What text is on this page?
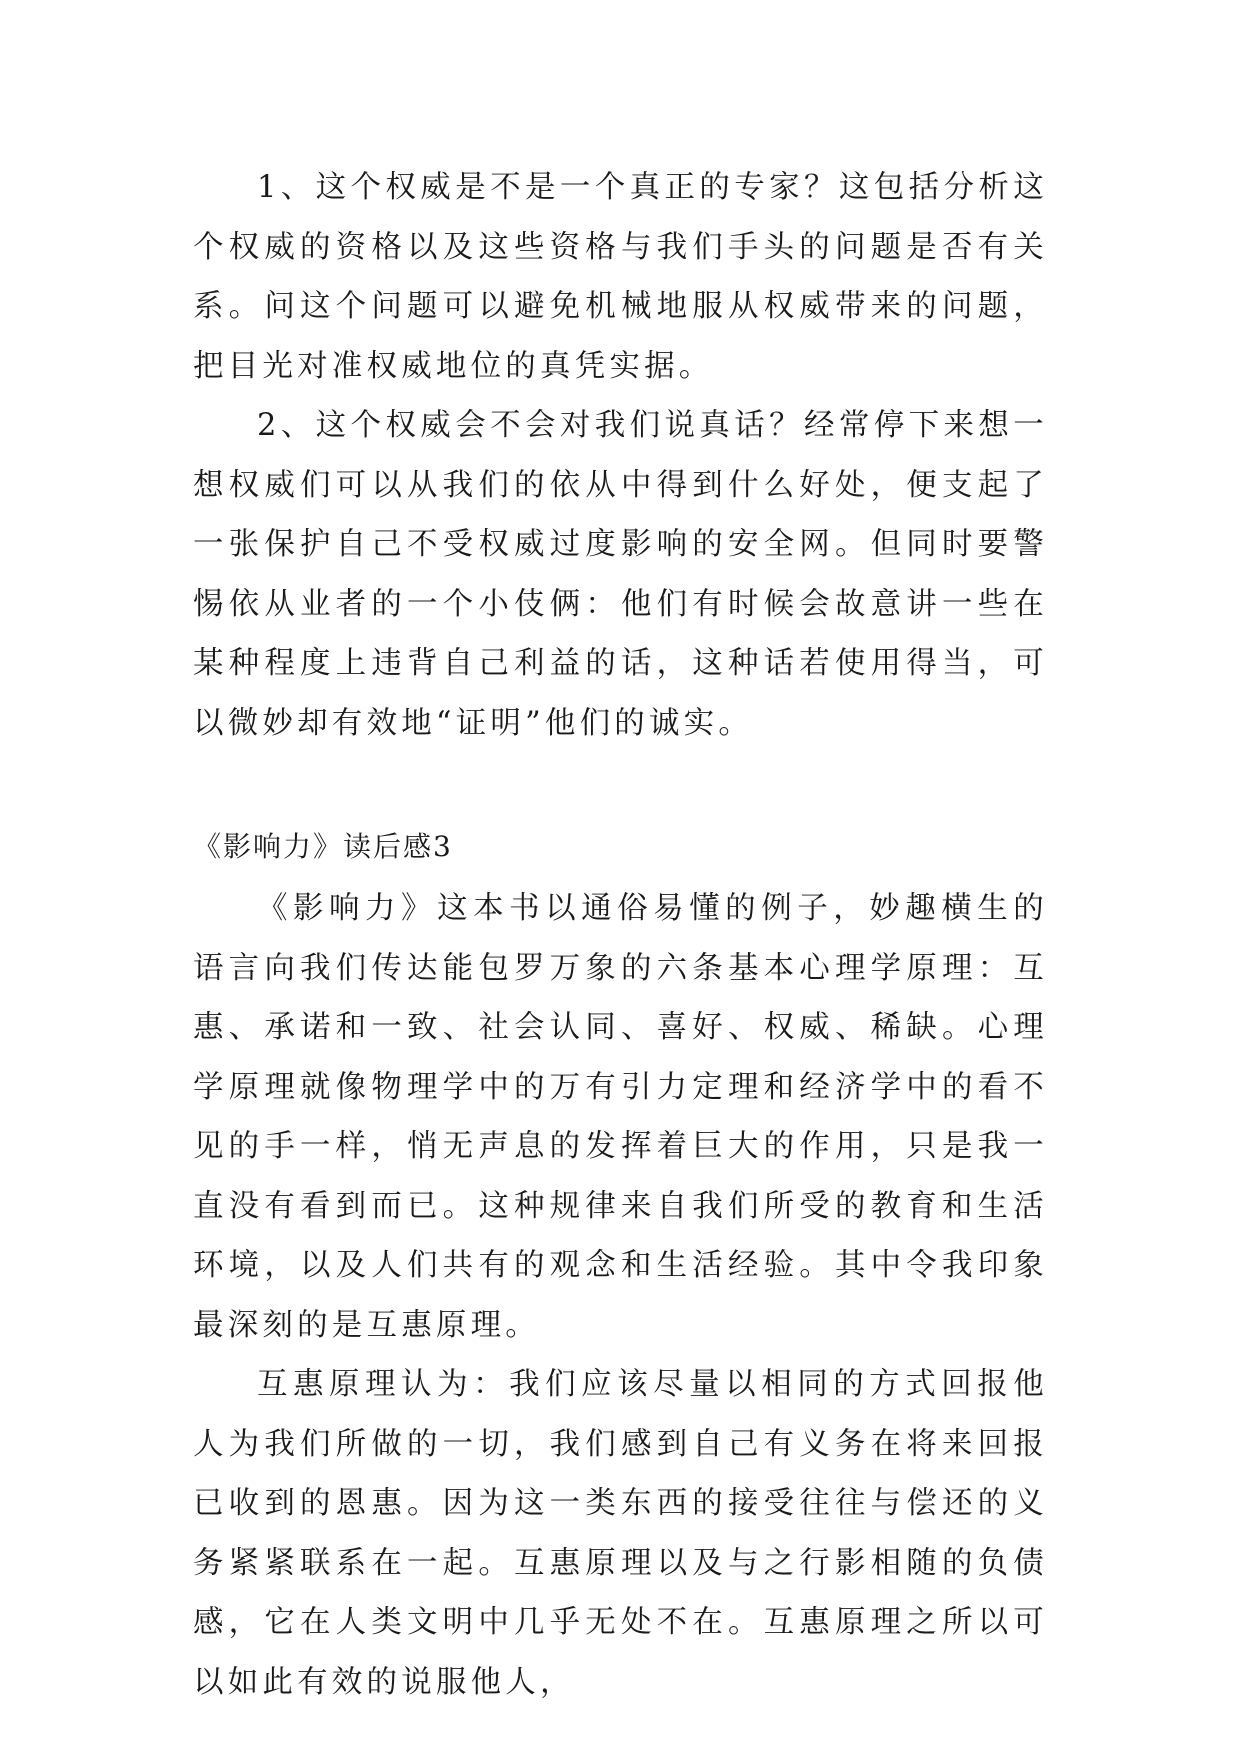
1、这个权威是不是一个真正的专家？这包括分析这个权威的资格以及这些资格与我们手头的问题是否有关系。问这个问题可以避免机械地服从权威带来的问题，把目光对准权威地位的真凭实据。

2、这个权威会不会对我们说真话？经常停下来想一想权威们可以从我们的依从中得到什么好处，便支起了一张保护自己不受权威过度影响的安全网。但同时要警惕依从业者的一个小伎俩：他们有时候会故意讲一些在某种程度上违背自己利益的话，这种话若使用得当，可以微妙却有效地“证明”他们的诚实。

《影响力》读后感3

《影响力》这本书以通俗易懂的例子，妙趣横生的语言向我们传达能包罗万象的六条基本心理学原理：互惠、承诺和一致、社会认同、喜好、权威、稀缺。心理学原理就像物理学中的万有引力定理和经济学中的看不见的手一样，悄无声息的发挥着巨大的作用，只是我一直没有看到而已。这种规律来自我们所受的教育和生活环境，以及人们共有的观念和生活经验。其中令我印象最深刻的是互惠原理。

互惠原理认为：我们应该尽量以相同的方式回报他人为我们所做的一切，我们感到自己有义务在将来回报已收到的恩惠。因为这一类东西的接受往往与偿还的义务紧紧联系在一起。互惠原理以及与之行影相随的负债感，它在人类文明中几乎无处不在。互惠原理之所以可以如此有效的说服他人，
